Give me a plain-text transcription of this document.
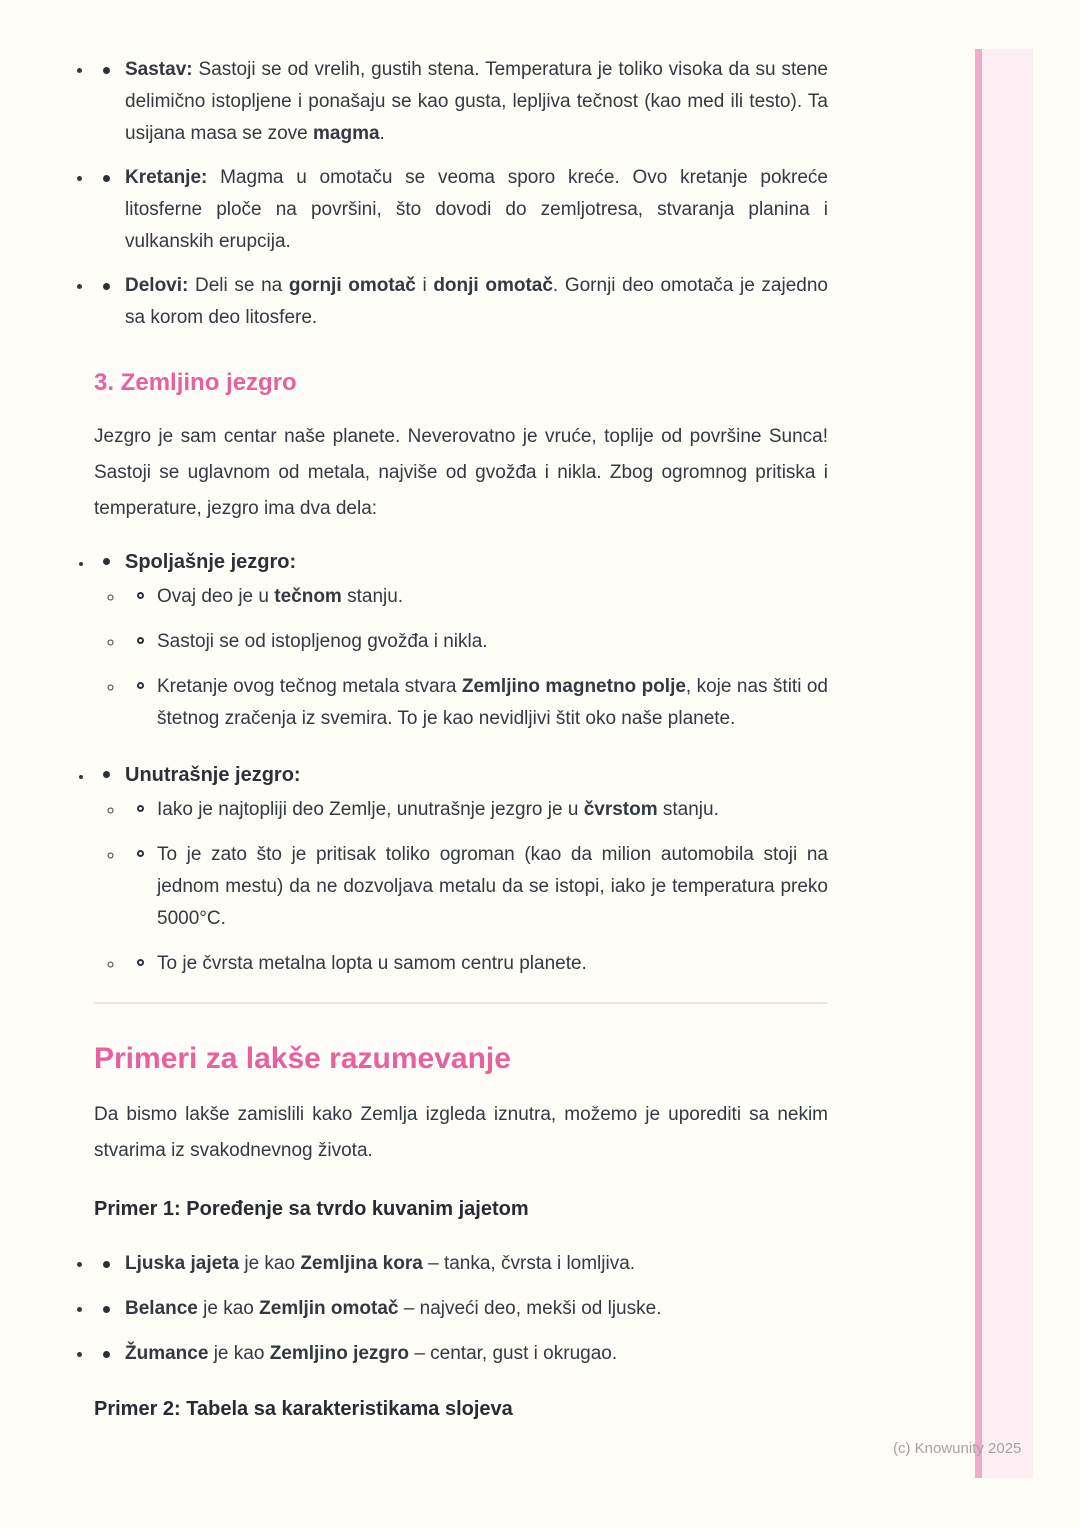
• Sastav: Sastoji se od vrelih, gustih stena. Temperatura je toliko visoka da su stene delimično istopljene i ponašaju se kao gusta, lepljiva tečnost (kao med ili testo). Ta usijana masa se zove magma.
• Kretanje: Magma u omotaču se veoma sporo kreće. Ovo kretanje pokreće litosferne ploče na površini, što dovodi do zemljotresa, stvaranja planina i vulkanskih erupcija.
• Delovi: Deli se na gornji omotač i donji omotač. Gornji deo omotača je zajedno sa korom deo litosfere.
3. Zemljino jezgro

Jezgro je sam centar naše planete. Neverovatno je vruće, toplije od površine Sunca! Sastoji se uglavnom od metala, najviše od gvožđa i nikla. Zbog ogromnog pritiska i temperature, jezgro ima dva dela:

• Spoljašnje jezgro:
◦ Ovaj deo je u tečnom stanju.
◦ Sastoji se od istopljenog gvožđa i nikla.
◦ Kretanje ovog tečnog metala stvara Zemljino magnetno polje, koje nas štiti od štetnog zračenja iz svemira. To je kao nevidljivi štit oko naše planete.
• Unutrašnje jezgro:
◦ Iako je najtopliji deo Zemlje, unutrašnje jezgro je u čvrstom stanju.
◦ To je zato što je pritisak toliko ogroman (kao da milion automobila stoji na jednom mestu) da ne dozvoljava metalu da se istopi, iako je temperatura preko 5000°C.
◦ To je čvrsta metalna lopta u samom centru planete.
Primeri za lakše razumevanje

Da bismo lakše zamislili kako Zemlja izgleda iznutra, možemo je uporediti sa nekim stvarima iz svakodnevnog života.

Primer 1: Poređenje sa tvrdo kuvanim jajetom
• Ljuska jajeta je kao Zemljina kora – tanka, čvrsta i lomljiva.
• Belance je kao Zemljin omotač – najveći deo, mekši od ljuske.
• Žumance je kao Zemljino jezgro – centar, gust i okrugao.
Primer 2: Tabela sa karakteristikama slojeva
(c) Knowunity 2025
